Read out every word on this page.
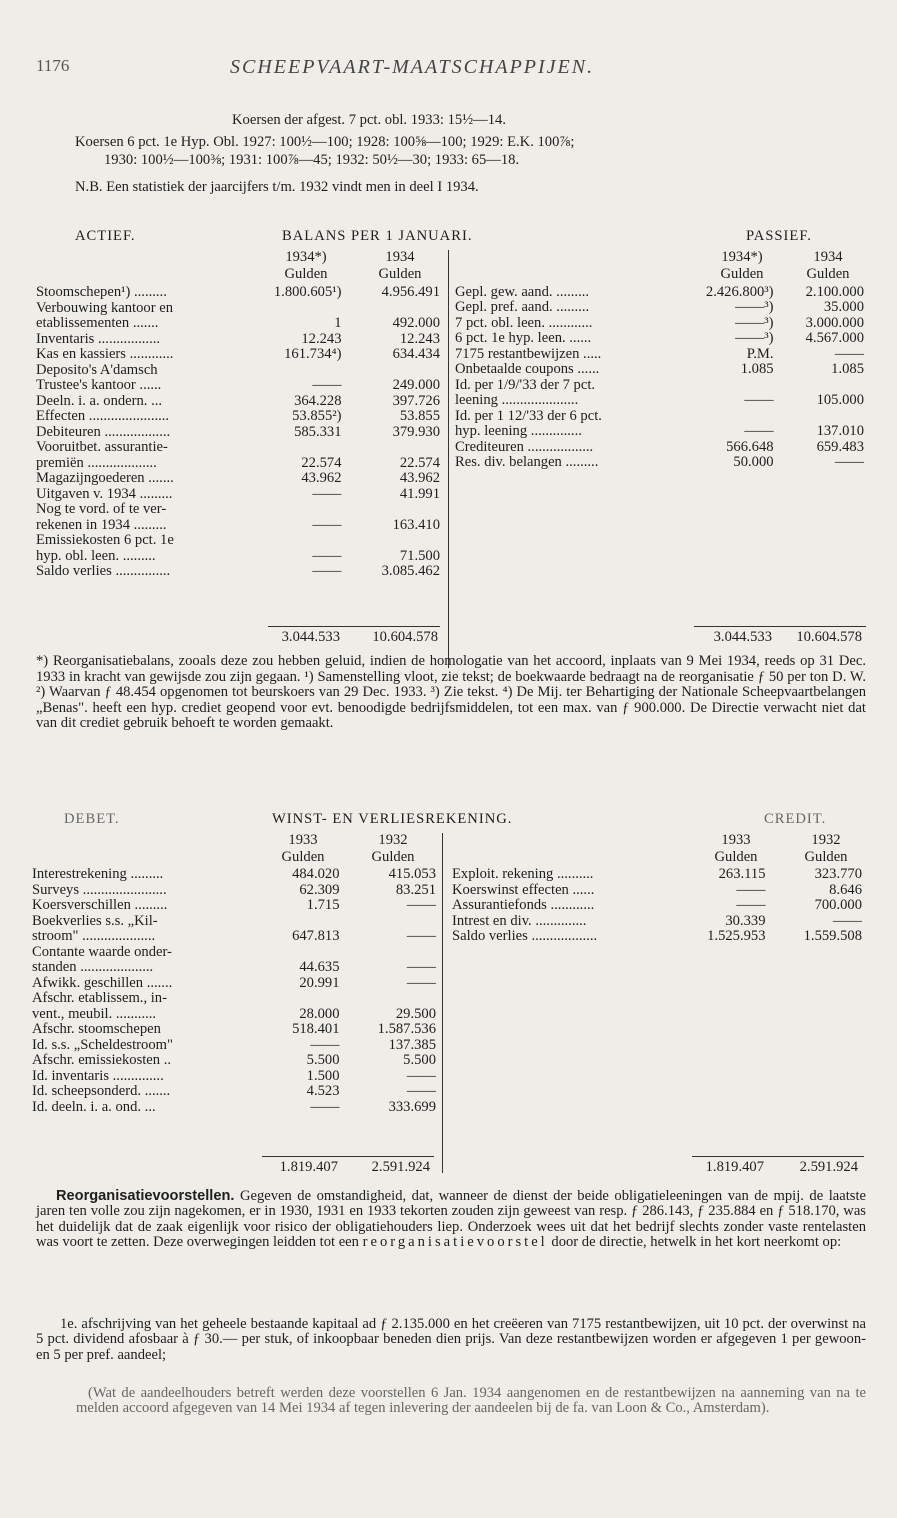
1176	SCHEEPVAART-MAATSCHAPPIJEN.
Koersen der afgest. 7 pct. obl. 1933: 15½—14.
Koersen 6 pct. 1e Hyp. Obl. 1927: 100½—100; 1928: 100⅝—100; 1929: E.K. 100⅞;
1930: 100½—100⅜; 1931: 100⅞—45; 1932: 50½—30; 1933: 65—18.
N.B. Een statistiek der jaarcijfers t/m. 1932 vindt men in deel I 1934.
ACTIEF.	BALANS PER 1 JANUARI.	PASSIEF.
1934*)	1934
Gulden	Gulden
1934*)	1934
Gulden	Gulden
Stoomschepen¹) .........	1.800.605¹)	4.956.491
Verbouwing kantoor en		
etablissementen .......	1	492.000
Inventaris .................	12.243	12.243
Kas en kassiers ............	161.734⁴)	634.434
Deposito's A'damsch		
Trustee's kantoor ......	——	249.000
Deeln. i. a. ondern. ...	364.228	397.726
Effecten ......................	53.855²)	53.855
Debiteuren ..................	585.331	379.930
Vooruitbet. assurantie-		
premiën ...................	22.574	22.574
Magazijngoederen .......	43.962	43.962
Uitgaven v. 1934 .........	——	41.991
Nog te vord. of te ver-		
rekenen in 1934 .........	——	163.410
Emissiekosten 6 pct. 1e		
hyp. obl. leen. .........	——	71.500
Saldo verlies ...............	——	3.085.462

Gepl. gew. aand. .........	2.426.800³)	2.100.000
Gepl. pref. aand. .........	——³)	35.000
7 pct. obl. leen. ............	——³)	3.000.000
6 pct. 1e hyp. leen. ......	——³)	4.567.000
7175 restantbewijzen .....	P.M.	——
Onbetaalde coupons ......	1.085	1.085
Id. per 1/9/'33 der 7 pct.		
leening .....................	——	105.000
Id. per 1 12/'33 der 6 pct.		
hyp. leening ..............	——	137.010
Crediteuren ..................	566.648	659.483
Res. div. belangen .........	50.000	——
3.044.533	10.604.578	3.044.533	10.604.578
*) Reorganisatiebalans, zooals deze zou hebben geluid, indien de homologatie van het accoord, inplaats van 9 Mei 1934, reeds op 31 Dec. 1933 in kracht van gewijsde zou zijn gegaan. ¹) Samenstelling vloot, zie tekst; de boekwaarde bedraagt na de reorganisatie ƒ 50 per ton D. W. ²) Waarvan ƒ 48.454 opgenomen tot beurskoers van 29 Dec. 1933. ³) Zie tekst. ⁴) De Mij. ter Behartiging der Nationale Scheepvaartbelangen „Benas". heeft een hyp. crediet geopend voor evt. benoodigde bedrijfsmiddelen, tot een max. van ƒ 900.000. De Directie verwacht niet dat van dit crediet gebruik behoeft te worden gemaakt.
DEBET.	WINST- EN VERLIESREKENING.	CREDIT.
1933	1932
Gulden	Gulden
1933	1932
Gulden	Gulden
Interestrekening .........	484.020	415.053
Surveys .......................	62.309	83.251
Koersverschillen .........	1.715	——
Boekverlies s.s. „Kil-		
stroom" ....................	647.813	——
Contante waarde onder-		
standen ....................	44.635	——
Afwikk. geschillen .......	20.991	——
Afschr. etablissem., in-		
vent., meubil. ...........	28.000	29.500
Afschr. stoomschepen	518.401	1.587.536
Id. s.s. „Scheldestroom"	——	137.385
Afschr. emissiekosten ..	5.500	5.500
Id. inventaris ..............	1.500	——
Id. scheepsonderd. .......	4.523	——
Id. deeln. i. a. ond. ...	——	333.699
Exploit. rekening ..........	263.115	323.770
Koerswinst effecten ......	——	8.646
Assurantiefonds ............	——	700.000
Intrest en div. ..............	30.339	——
Saldo verlies ..................	1.525.953	1.559.508
1.819.407	2.591.924	1.819.407	2.591.924
Reorganisatievoorstellen. Gegeven de omstandigheid, dat, wanneer de dienst der beide obligatieleeningen van de mpij. de laatste jaren ten volle zou zijn nagekomen, er in 1930, 1931 en 1933 tekorten zouden zijn geweest van resp. ƒ 286.143, ƒ 235.884 en ƒ 518.170, was het duidelijk dat de zaak eigenlijk voor risico der obligatiehouders liep. Onderzoek wees uit dat het bedrijf slechts zonder vaste rentelasten was voort te zetten. Deze overwegingen leidden tot een reorganisatievoorstel door de directie, hetwelk in het kort neerkomt op:
1e. afschrijving van het geheele bestaande kapitaal ad ƒ 2.135.000 en het creëeren van 7175 restantbewijzen, uit 10 pct. der overwinst na 5 pct. dividend afosbaar à ƒ 30.— per stuk, of inkoopbaar beneden dien prijs. Van deze restantbewijzen worden er afgegeven 1 per gewoon- en 5 per pref. aandeel;
(Wat de aandeelhouders betreft werden deze voorstellen 6 Jan. 1934 aangenomen en de restantbewijzen na aanneming van na te melden accoord afgegeven van 14 Mei 1934 af tegen inlevering der aandeelen bij de fa. van Loon & Co., Amsterdam).
